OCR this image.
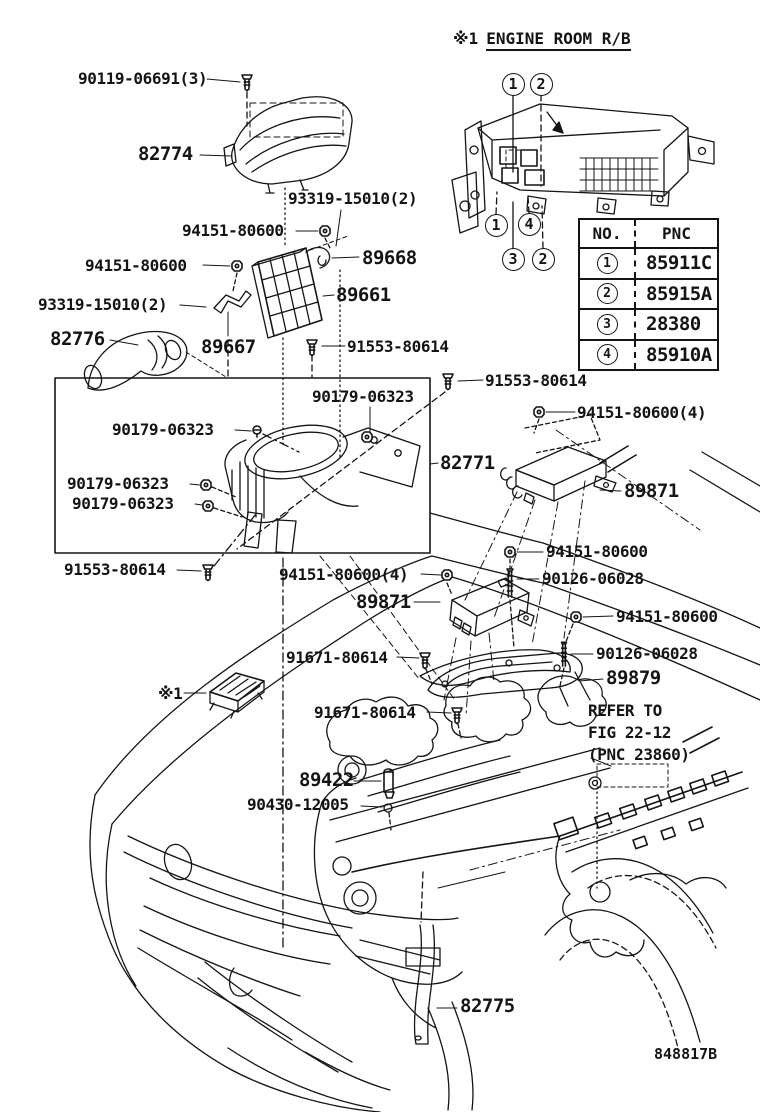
※1 ENGINE ROOM R/B
90119-06691(3)
82774
93319-15010(2)
94151-80600
94151-80600	89668
89661
93319-15010(2)
82776	89667	91553-80614
91553-80614
90179-06323
94151-80600(4)
90179-06323
82771
90179-06323
90179-06323
89871
94151-80600
91553-80614	94151-80600(4)	90126-06028
89871
94151-80600
91671-80614	90126-06028
89879
※1
91671-80614
89422
90430-12005
82775
1	2
1	4
3	2
NO.	PNC
1	85911C
2	85915A
3	28380
4	85910A
REFER TO
FIG 22-12
(PNC 23860)
848817B
